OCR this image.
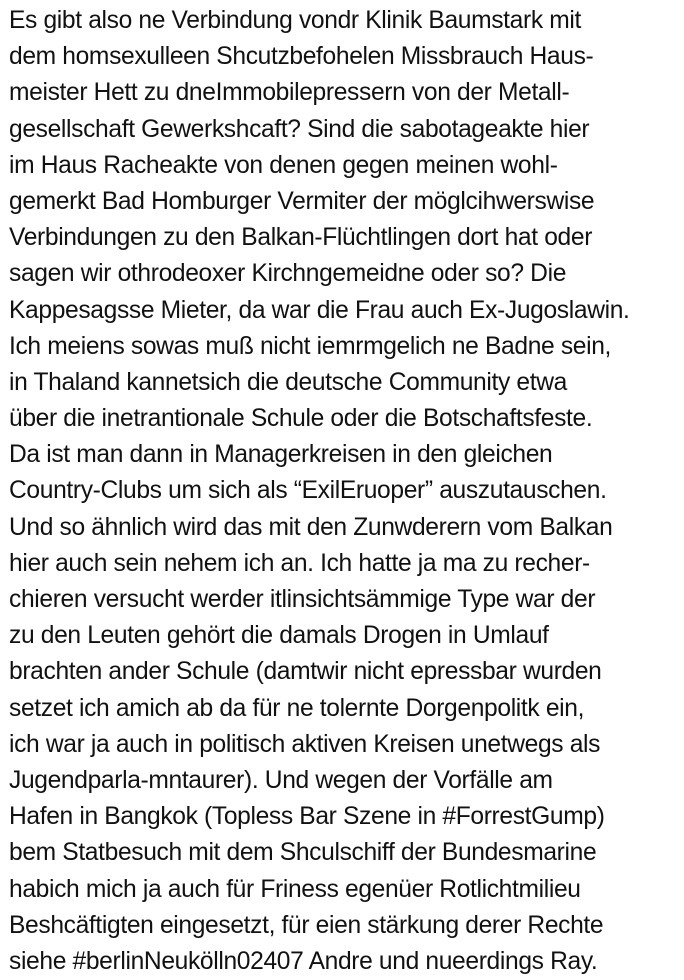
Es gibt also ne Verbindung vondr Klinik Baumstark mit
dem homsexulleen Shcutzbefohelen Missbrauch Haus-
meister Hett zu dneImmobilepressern von der Metall-
gesellschaft Gewerkshcaft? Sind die sabotageakte hier
im Haus Racheakte von denen gegen meinen wohl-
gemerkt Bad Homburger Vermiter der möglcihwerswise
Verbindungen zu den Balkan-Flüchtlingen dort hat oder
sagen wir othrodeoxer Kirchngemeidne oder so? Die
Kappesagsse Mieter, da war die Frau auch Ex-Jugoslawin.
Ich meiens sowas muß nicht iemrmgelich ne Badne sein,
in Thaland kannetsich die deutsche Community etwa
über die inetrantionale Schule oder die Botschaftsfeste.
Da ist man dann in Managerkreisen in den gleichen
Country-Clubs um sich als “ExilEruoper” auszutauschen.
Und so ähnlich wird das mit den Zunwderern vom Balkan
hier auch sein nehem ich an. Ich hatte ja ma zu recher-
chieren versucht werder itlinsichtsämmige Type war der
zu den Leuten gehört die damals Drogen in Umlauf
brachten ander Schule (damtwir nicht epressbar wurden
setzet ich amich ab da für ne tolernte Dorgenpolitk ein,
ich war ja auch in politisch aktiven Kreisen unetwegs als
Jugendparla-mntaurer). Und wegen der Vorfälle am
Hafen in Bangkok (Topless Bar Szene in #ForrestGump)
bem Statbesuch mit dem Shculschiff der Bundesmarine
habich mich ja auch für Friness egenüer Rotlichtmilieu
Beshcäftigten eingesetzt, für eien stärkung derer Rechte
siehe #berlinNeukölln02407 Andre und nueerdings Ray.
